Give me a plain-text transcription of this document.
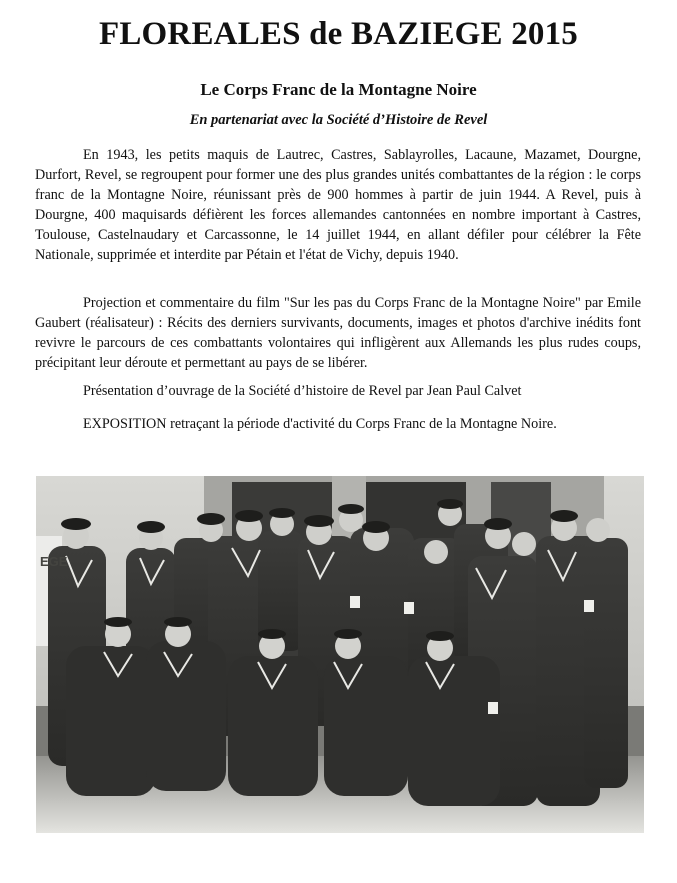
FLOREALES de BAZIEGE 2015
Le Corps Franc de la Montagne Noire

En partenariat avec la Société d’Histoire de Revel

En 1943, les petits maquis de Lautrec, Castres, Sablayrolles, Lacaune, Mazamet, Dourgne, Durfort, Revel, se regroupent pour former une des plus grandes unités combattantes de la région : le corps franc de la Montagne Noire, réunissant près de 900 hommes à partir de juin 1944. A Revel, puis à Dourgne, 400 maquisards défièrent les forces allemandes cantonnées en nombre important à Castres, Toulouse, Castelnaudary et Carcassonne, le 14 juillet 1944, en allant défiler pour célébrer la Fête Nationale, supprimée et interdite par Pétain et l'état de Vichy, depuis 1940.

Projection et commentaire du film "Sur les pas du Corps Franc de la Montagne Noire" par Emile Gaubert (réalisateur) : Récits des derniers survivants, documents, images et photos d'archive inédits font revivre le parcours de ces combattants volontaires qui infligèrent aux Allemands les plus rudes coups, précipitant leur déroute et permettant au pays de se libérer.

Présentation d’ouvrage de la Société d’histoire de Revel par Jean Paul Calvet

EXPOSITION retraçant la période d'activité du Corps Franc de la Montagne Noire.

EGE
